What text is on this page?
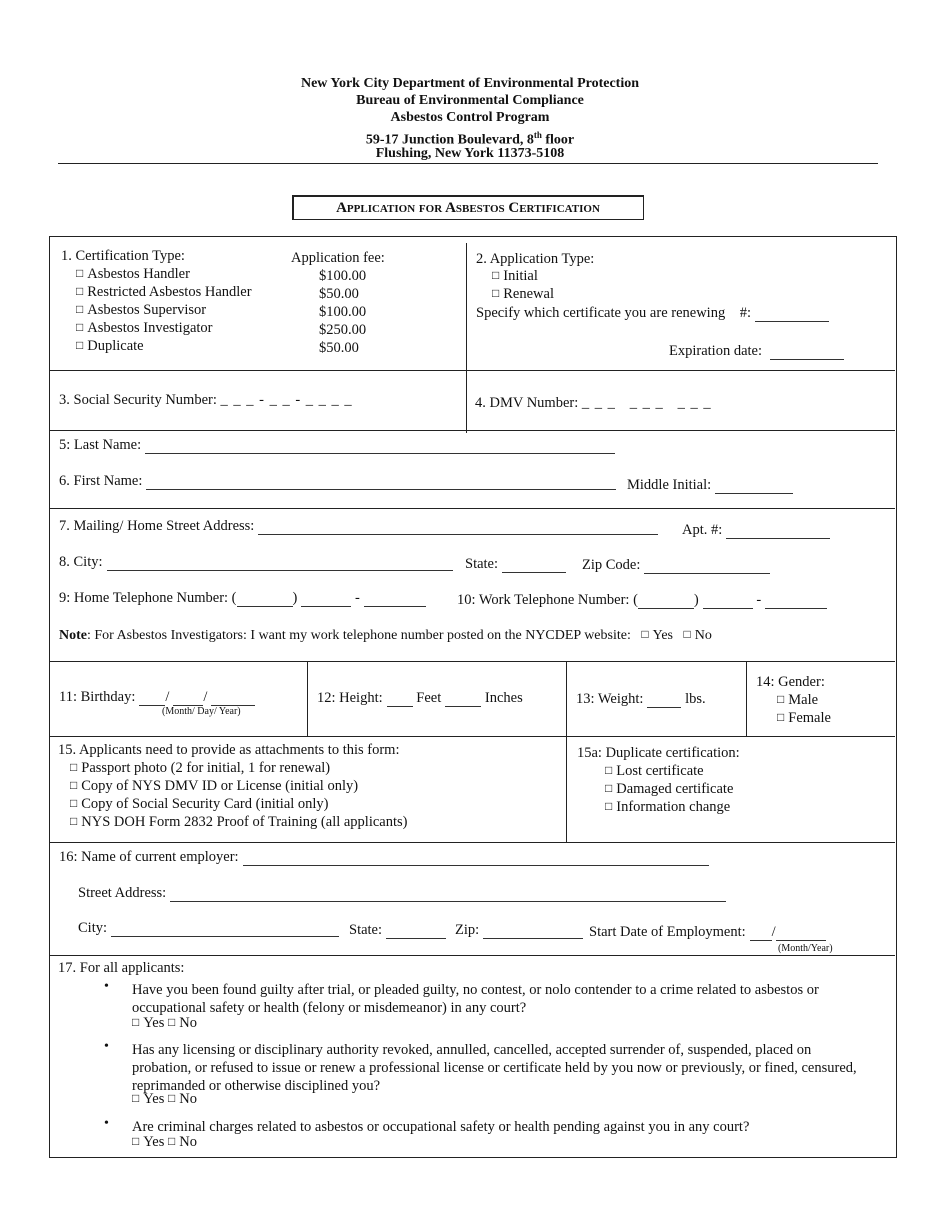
New York City Department of Environmental Protection
Bureau of Environmental Compliance
Asbestos Control Program
59-17 Junction Boulevard, 8th floor
Flushing, New York 11373-5108
Application for Asbestos Certification
1. Certification Type:	Application fee:
□ Asbestos Handler	$100.00
□ Restricted Asbestos Handler	$50.00
□ Asbestos Supervisor	$100.00
□ Asbestos Investigator	$250.00
□ Duplicate	$50.00
2. Application Type:
□ Initial
□ Renewal
Specify which certificate you are renewing #:
Expiration date:
3. Social Security Number: _ _ _ - _ _ - _ _ _ _	4. DMV Number: _ _ _   _ _ _   _ _ _
5: Last Name:
6. First Name:	Middle Initial:
7. Mailing/ Home Street Address:	Apt. #:
8. City:	State:	Zip Code:
9: Home Telephone Number: (	)	-	10: Work Telephone Number: (	)	-
Note: For Asbestos Investigators: I want my work telephone number posted on the NYCDEP website: □ Yes □ No
11: Birthday: / /
(Month/ Day/ Year)
12: Height: Feet	Inches	13: Weight:	lbs.
14: Gender:
□ Male
□ Female
15. Applicants need to provide as attachments to this form:
□ Passport photo (2 for initial, 1 for renewal)
□ Copy of NYS DMV ID or License (initial only)
□ Copy of Social Security Card (initial only)
□ NYS DOH Form 2832 Proof of Training (all applicants)
15a: Duplicate certification:
□ Lost certificate
□ Damaged certificate
□ Information change
16: Name of current employer:
Street Address:
City:	State:	Zip:	Start Date of Employment: /
(Month/Year)
17. For all applicants:
• Have you been found guilty after trial, or pleaded guilty, no contest, or nolo contender to a crime related to asbestos or occupational safety or health (felony or misdemeanor) in any court?
□ Yes □ No
• Has any licensing or disciplinary authority revoked, annulled, cancelled, accepted surrender of, suspended, placed on probation, or refused to issue or renew a professional license or certificate held by you now or previously, or fined, censured, reprimanded or otherwise disciplined you?
□ Yes □ No
• Are criminal charges related to asbestos or occupational safety or health pending against you in any court?
□ Yes □ No
